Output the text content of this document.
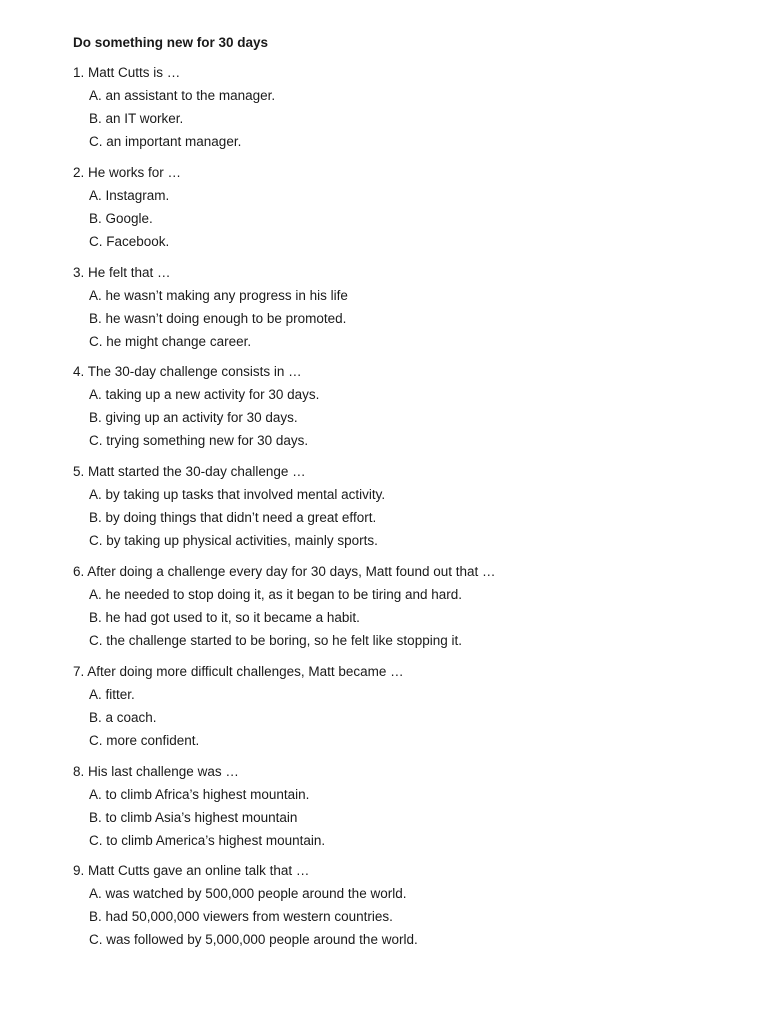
Do something new for 30 days
1. Matt Cutts is …
A. an assistant to the manager.
B. an IT worker.
C. an important manager.
2. He works for …
A. Instagram.
B. Google.
C. Facebook.
3. He felt that …
A. he wasn’t making any progress in his life
B. he wasn’t doing enough to be promoted.
C. he might change career.
4. The 30-day challenge consists in …
A. taking up a new activity for 30 days.
B. giving up an activity for 30 days.
C. trying something new for 30 days.
5. Matt started the 30-day challenge …
A. by taking up tasks that involved mental activity.
B. by doing things that didn’t need a great effort.
C. by taking up physical activities, mainly sports.
6. After doing a challenge every day for 30 days, Matt found out that …
A. he needed to stop doing it, as it began to be tiring and hard.
B. he had got used to it, so it became a habit.
C. the challenge started to be boring, so he felt like stopping it.
7. After doing more difficult challenges, Matt became …
A. fitter.
B. a coach.
C. more confident.
8. His last challenge was …
A. to climb Africa’s highest mountain.
B. to climb Asia’s highest mountain
C. to climb America’s highest mountain.
9. Matt Cutts gave an online talk that …
A. was watched by 500,000 people around the world.
B. had 50,000,000 viewers from western countries.
C. was followed by 5,000,000 people around the world.
